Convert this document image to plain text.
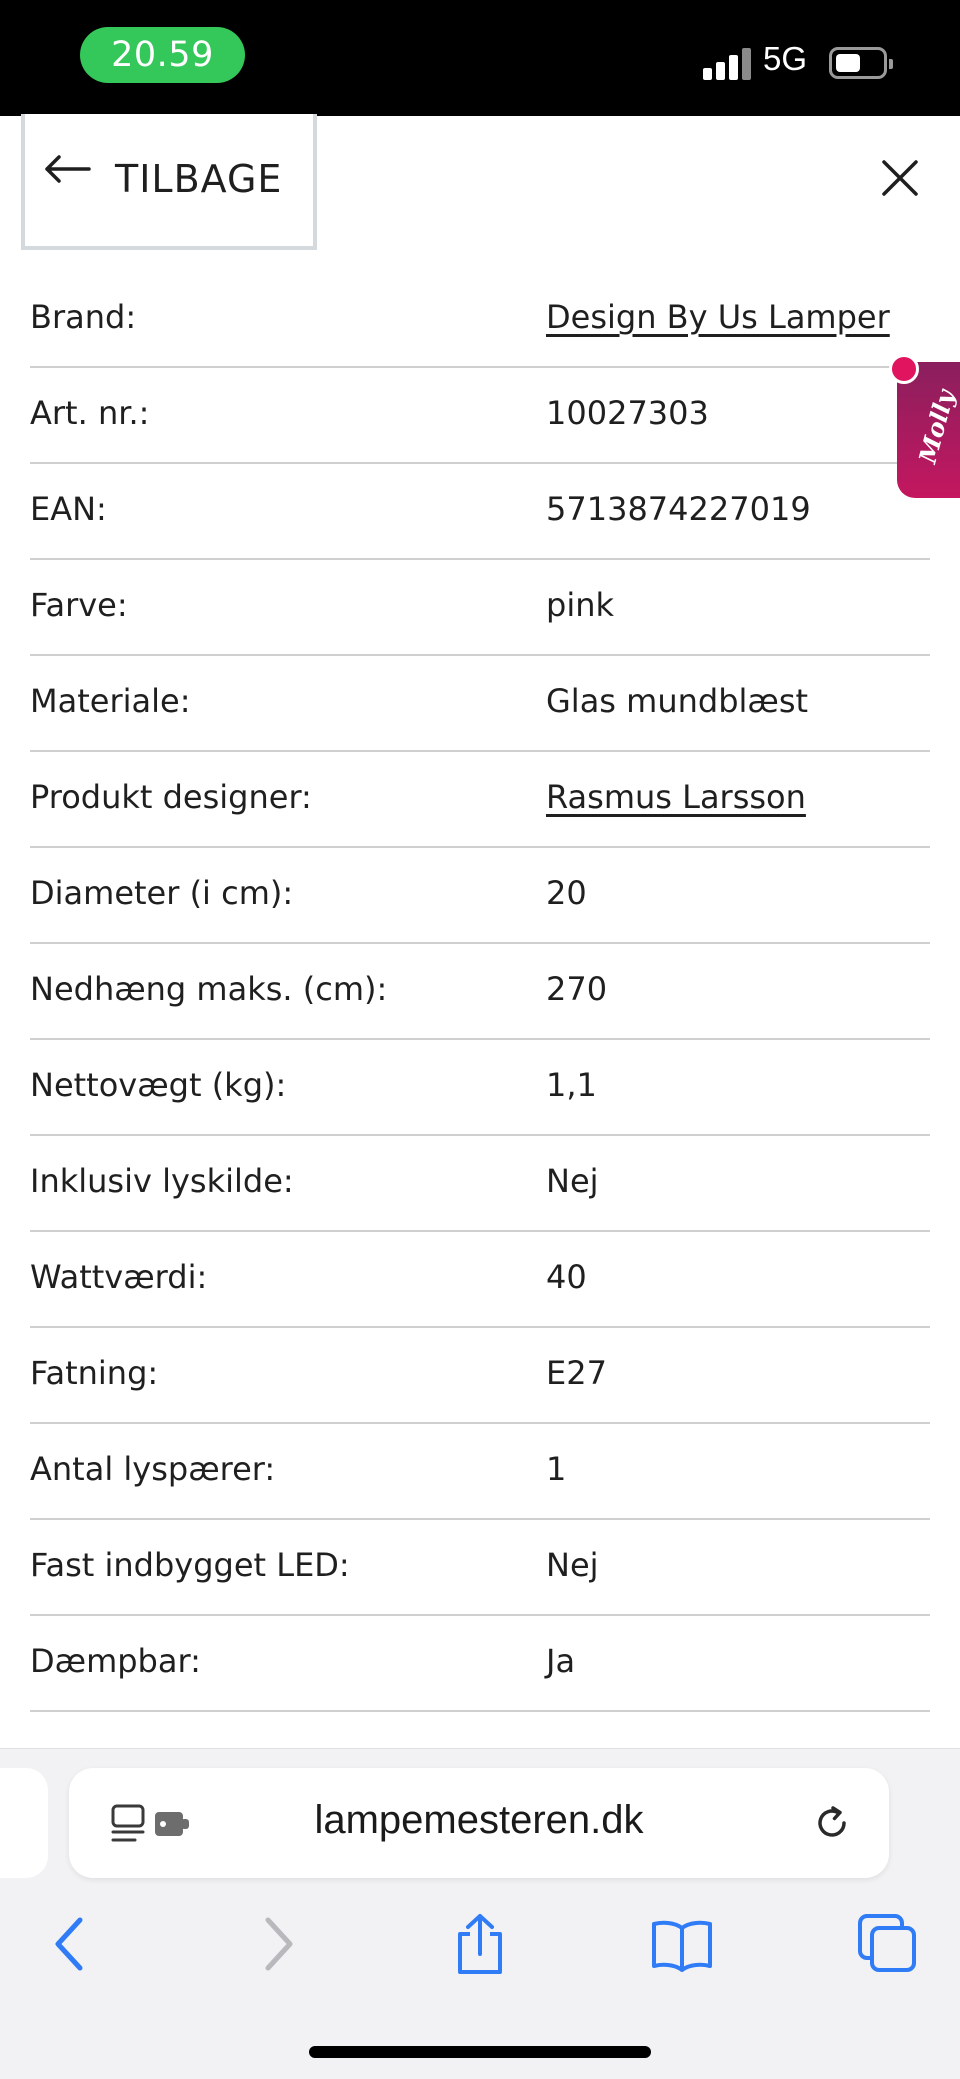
20.59	5G
TILBAGE
Brand:	Design By Us Lamper
Art. nr.:	10027303
EAN:	5713874227019
Farve:	pink
Materiale:	Glas mundblæst
Produkt designer:	Rasmus Larsson
Diameter (i cm):	20
Nedhæng maks. (cm):	270
Nettovægt (kg):	1,1
Inklusiv lyskilde:	Nej
Wattværdi:	40
Fatning:	E27
Antal lyspærer:	1
Fast indbygget LED:	Nej
Dæmpbar:	Ja
Molly
lampemesteren.dk
